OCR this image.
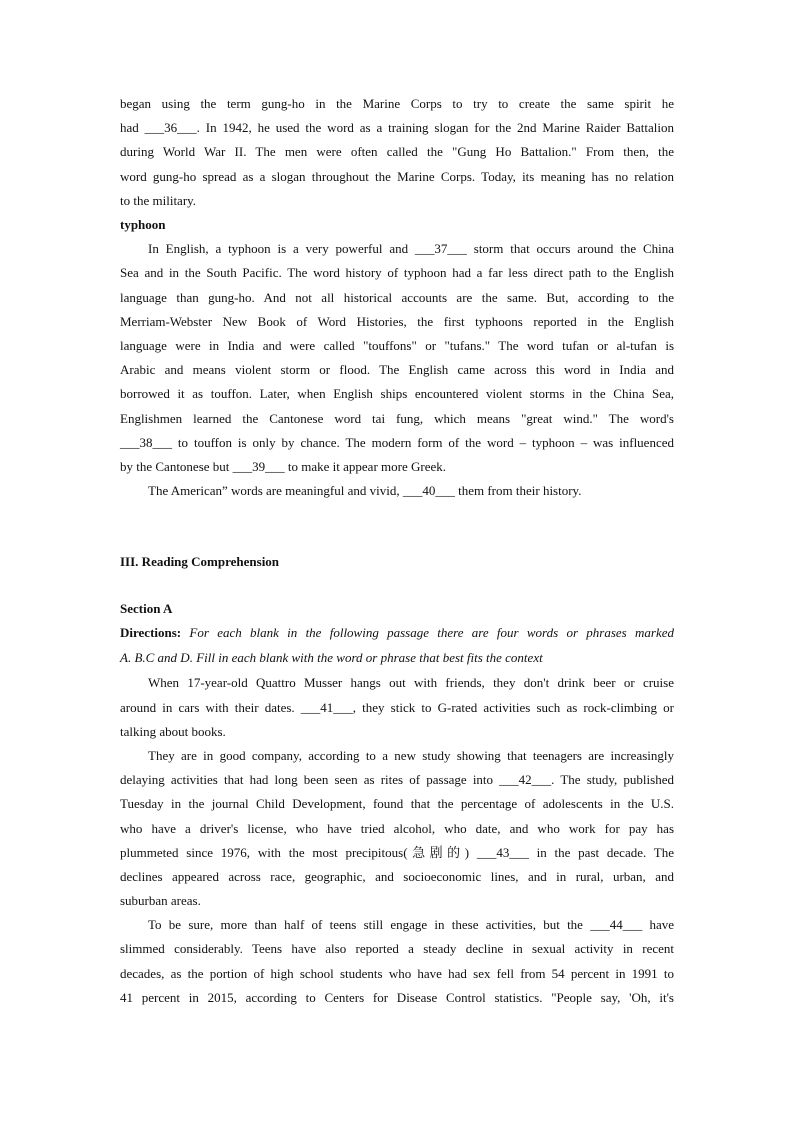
began using the term gung-ho in the Marine Corps to try to create the same spirit he
had ___36___. In 1942, he used the word as a training slogan for the 2nd Marine Raider Battalion
during World War II. The men were often called the "Gung Ho Battalion." From then, the
word gung-ho spread as a slogan throughout the Marine Corps. Today, its meaning has no relation
to the military.
typhoon
In English, a typhoon is a very powerful and ___37___ storm that occurs around the China
Sea and in the South Pacific. The word history of typhoon had a far less direct path to the English
language than gung-ho. And not all historical accounts are the same. But, according to the
Merriam-Webster New Book of Word Histories, the first typhoons reported in the English
language were in India and were called "touffons" or "tufans." The word tufan or al-tufan is
Arabic and means violent storm or flood. The English came across this word in India and
borrowed it as touffon. Later, when English ships encountered violent storms in the China Sea,
Englishmen learned the Cantonese word tai fung, which means "great wind." The word's
___38___ to touffon is only by chance. The modern form of the word – typhoon – was influenced
by the Cantonese but ___39___ to make it appear more Greek.
The American” words are meaningful and vivid, ___40___ them from their history.
III. Reading Comprehension
Section A
Directions: For each blank in the following passage there are four words or phrases marked
A. B.C and D. Fill in each blank with the word or phrase that best fits the context
When 17-year-old Quattro Musser hangs out with friends, they don't drink beer or cruise
around in cars with their dates. ___41___, they stick to G-rated activities such as rock-climbing or
talking about books.
They are in good company, according to a new study showing that teenagers are increasingly
delaying activities that had long been seen as rites of passage into ___42___. The study, published
Tuesday in the journal Child Development, found that the percentage of adolescents in the U.S.
who have a driver's license, who have tried alcohol, who date, and who work for pay has
plummeted since 1976, with the most precipitous(急剧的) ___43___ in the past decade. The
declines appeared across race, geographic, and socioeconomic lines, and in rural, urban, and
suburban areas.
To be sure, more than half of teens still engage in these activities, but the ___44___ have
slimmed considerably. Teens have also reported a steady decline in sexual activity in recent
decades, as the portion of high school students who have had sex fell from 54 percent in 1991 to
41 percent in 2015, according to Centers for Disease Control statistics. "People say, 'Oh, it's
